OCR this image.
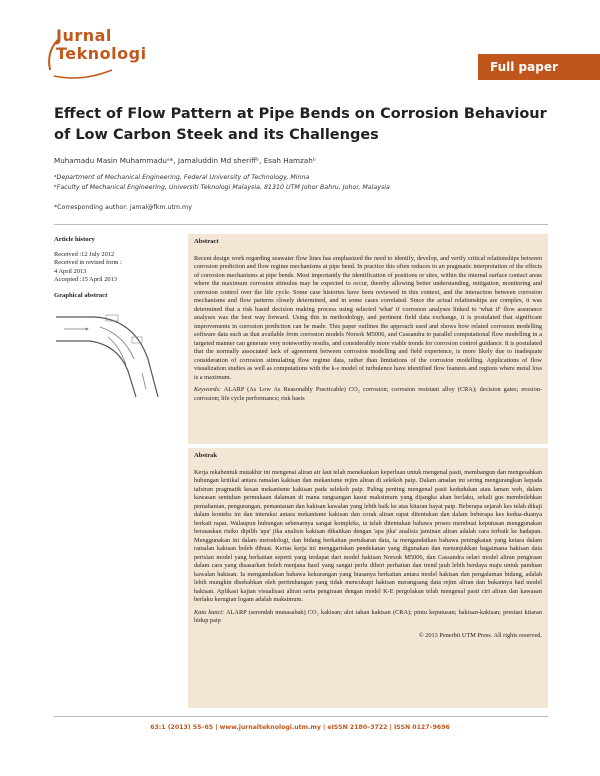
Jurnal
Teknologi
Full paper
Effect of Flow Pattern at Pipe Bends on Corrosion Behaviour of Low Carbon Steek and its Challenges
Muhamadu Masin Muhammaduᵃ*, Jamaluddin Md sheriffᵇ, Esah Hamzahᵇ
ᵃDepartment of Mechanical Engineering, Federal University of Technology, Minna
ᵇFaculty of Mechanical Engineering, Universiti Teknologi Malaysia, 81310 UTM Johor Bahru, Johor, Malaysia
*Corresponding author: jamal@fkm.utm.my
Article history
Received :12 July 2012
Received in revised form :
4 April 2013
Accepted :15 April 2013
Graphical abstract
Abstract

Recent design work regarding seawater flow lines has emphasized the need to identify, develop, and verify critical relationships between corrosion prediction and flow regime mechanisms at pipe bend. In practice this often reduces to an pragmatic interpretation of the effects of corrosion mechanisms at pipe bends. Most importantly the identification of positions or sites, within the internal surface contact areas where the maximum corrosion stimulus may be expected to occur, thereby allowing better understanding, mitigation, monitoring and corrosion control over the life cycle. Some case histories have been reviewed in this context, and the interaction between corrosion mechanisms and flow patterns closely determined, and in some cases correlated. Since the actual relationships are complex, it was determined that a risk based decision making process using selected 'what' if corrosion analyses linked to 'what if' flow assurance analyses was the best way forward. Using this in methodology, and pertinent field data exchange, it is postulated that significant improvements in corrosion prediction can be made. This paper outlines the approach used and shows how related corrosion modelling software data such as that available from corrosion models Norsok M5006, and Cassandra to parallel computational flow modelling in a targeted manner can generate very noteworthy results, and considerably more viable trends for corrosion control guidance. It is postulated that the normally associated lack of agreement between corrosion modelling and field experience, is more likely due to inadequate consideration of corrosion stimulating flow regime data, rather than limitations of the corrosion modelling. Applications of flow visualization studies as well as computations with the k-ε model of turbulence have identified flow features and regions where metal loss is a maximum.

Keywords: ALARP (As Low As Reasonably Practicable) CO₂ corrosion; corrosion resistant alloy (CRA); decision gates; erosion-corrosion; life cycle performance; risk basis

Abstrak

Kerja rekabentuk mutakhir ini mengenai aliran air laut telah menekankan keperluan untuk mengenal pasti, membangun dan mengesahkan hubungan kritikal antara ramalan kakisan dan mekanisme rejim aliran di selekoh paip. Dalam amalan ini sering mengurangkan kepada tafsiran pragmatik kesan mekanisme kakisan pada selekoh paip. Paling penting mengenal pasti kedudukan atau laman web, dalam kawasan sentuhan permukaan dalaman di mana rangsangan kasut maksimum yang dijangka akan berlaku, sekali gus membolehkan pemahaman, pengurangan, pemantauan dan hakisan kawalan yang lebih baik ke atas kitaran hayat paip. Beberapa sejarah kes telah dikaji dalam konteks ini dan interaksi antara mekanisme kakisan dan corak aliran rapat ditentukan dan dalam beberapa kes kedua-duanya berkait rapat. Walaupun hubungan sebenarnya sangat kompleks, ia telah ditentukan bahawa proses membuat keputusan menggunakan berasaskan risiko dipilih 'apa' jika analisis kakisan dikaitkan dengan 'apa jika' analisis jaminan aliran adalah cara terbaik ke hadapan. Menggunakan ini dalam metodologi, dan bidang berkaitan pertukaran data, ia mengandaikan bahawa peningkatan yang ketara dalam ramalan kakisan boleh dibuat. Kertas kerja ini menggariskan pendekatan yang digunakan dan menunjukkan bagaimana hakisan data perisian model yang berkaitan seperti yang terdapat dari model hakisan Norsok M5006, dan Cassandra selari model aliran pengiraan dalam cara yang disasarkan boleh menjana hasil yang sangat perlu diberi perhatian dan trend jauh lebih berdaya maju untuk panduan kawalan hakisan. Ia mengandaikan bahawa kekurangan yang biasanya berkaitan antara model hakisan dan pengalaman bidang, adalah lebih mungkin disebabkan oleh pertimbangan yang tidak mencukupi hakisan merangsang data rejim aliran dan bukannya had model hakisan. Aplikasi kajian visualisasi aliran serta pengiraan dengan model K-E pergolakan telah mengenal pasti ciri aliran dan kawasan berlaku kerugian logam adalah maksimum.

Kata kunci: ALARP (serendah munasabah) CO₂ kakisan; aloi tahan kakisan (CRA); pintu keputusan; hakisan-kakisan; prestasi kitaran hidup paip

© 2013 Penerbit UTM Press. All rights reserved.
63:1 (2013) 55–65 | www.jurnalteknologi.utm.my | eISSN 2180–3722 | ISSN 0127–9696
